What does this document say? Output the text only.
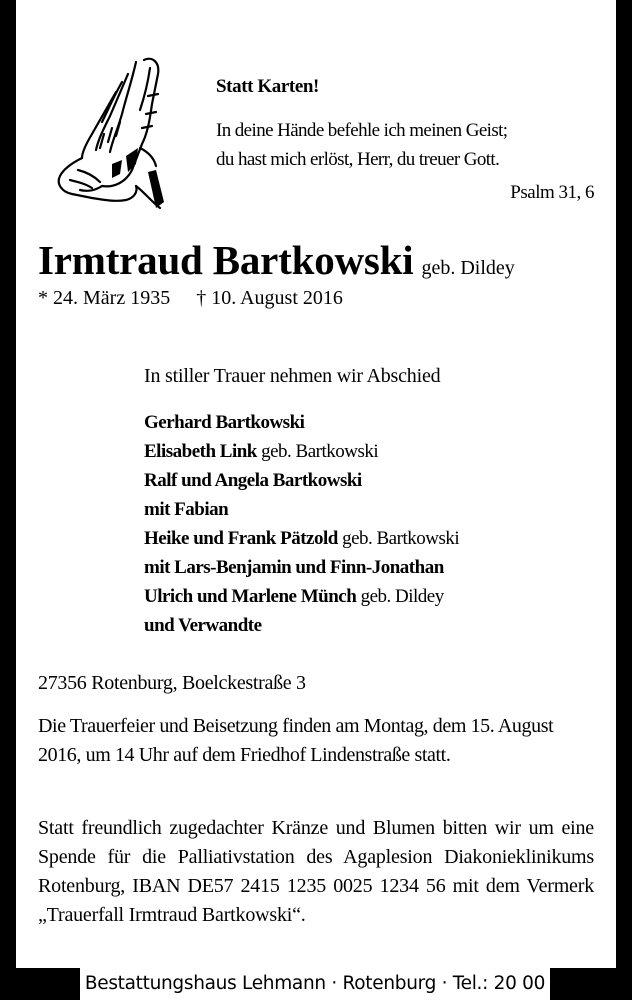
Statt Karten!
In deine Hände befehle ich meinen Geist;
du hast mich erlöst, Herr, du treuer Gott.
Psalm 31, 6
Irmtraud Bartkowski geb. Dildey
* 24. März 1935 † 10. August 2016
In stiller Trauer nehmen wir Abschied
Gerhard Bartkowski
Elisabeth Link geb. Bartkowski
Ralf und Angela Bartkowski
mit Fabian
Heike und Frank Pätzold geb. Bartkowski
mit Lars-Benjamin und Finn-Jonathan
Ulrich und Marlene Münch geb. Dildey
und Verwandte
27356 Rotenburg, Boelckestraße 3
Die Trauerfeier und Beisetzung finden am Montag, dem 15. August 2016, um 14 Uhr auf dem Friedhof Lindenstraße statt.
Statt freundlich zugedachter Kränze und Blumen bitten wir um eine Spende für die Palliativstation des Agaplesion Diakonieklinikums Rotenburg, IBAN DE57 2415 1235 0025 1234 56 mit dem Vermerk „Trauerfall Irmtraud Bartkowski“.
Bestattungshaus Lehmann · Rotenburg · Tel.: 20 00
